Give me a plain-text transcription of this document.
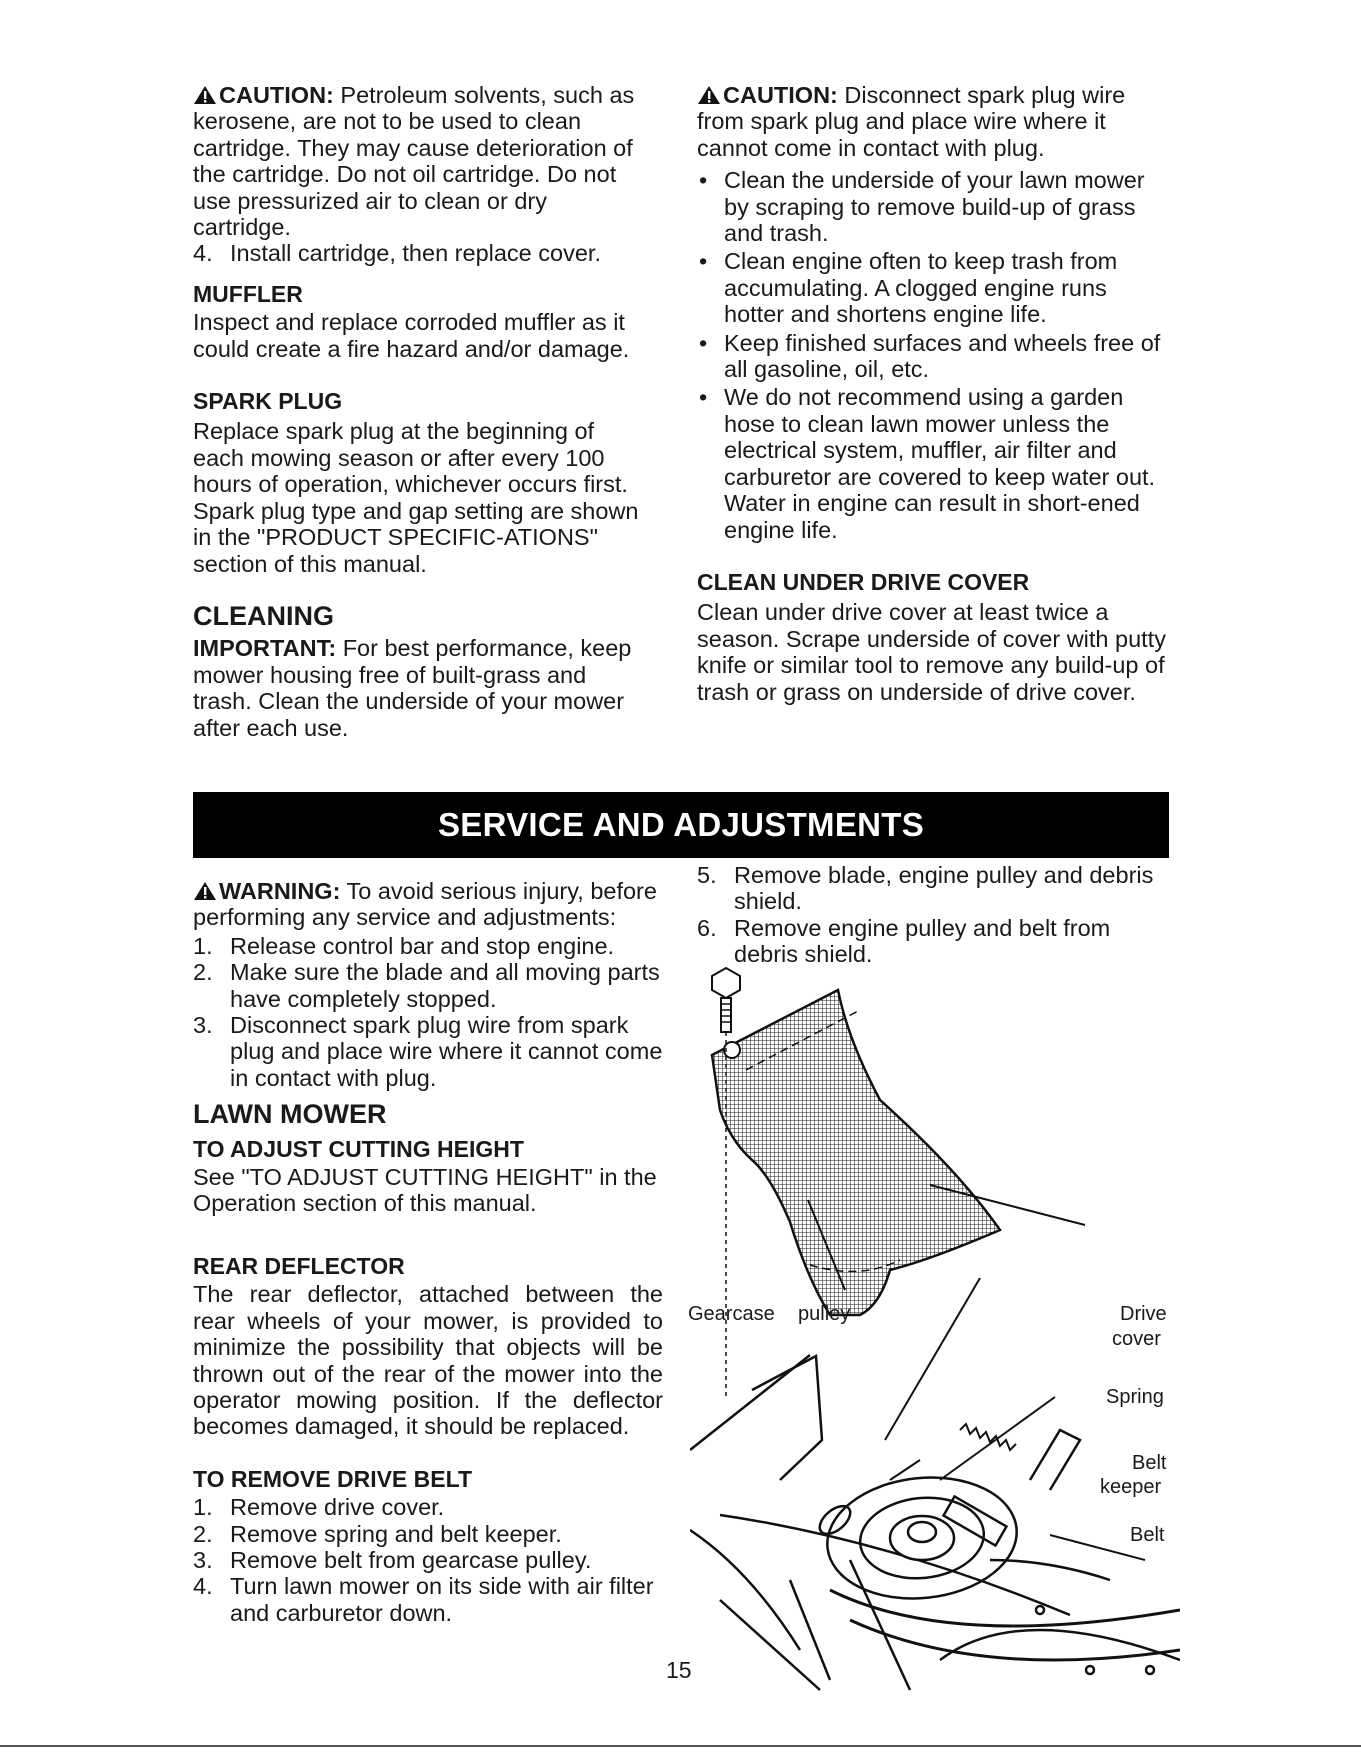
CAUTION: Petroleum solvents, such as kerosene, are not to be used to clean cartridge. They may cause deterioration of the cartridge. Do not oil cartridge. Do not use pressurized air to clean or dry cartridge.

4. Install cartridge, then replace cover.

MUFFLER

Inspect and replace corroded muffler as it could create a fire hazard and/or damage.

SPARK PLUG

Replace spark plug at the beginning of each mowing season or after every 100 hours of operation, whichever occurs first. Spark plug type and gap setting are shown in the "PRODUCT SPECIFIC-ATIONS" section of this manual.

CLEANING

IMPORTANT: For best performance, keep mower housing free of built-grass and trash. Clean the underside of your mower after each use.

CAUTION: Disconnect spark plug wire from spark plug and place wire where it cannot come in contact with plug.

• Clean the underside of your lawn mower by scraping to remove build-up of grass and trash.
• Clean engine often to keep trash from accumulating. A clogged engine runs hotter and shortens engine life.
• Keep finished surfaces and wheels free of all gasoline, oil, etc.
• We do not recommend using a garden hose to clean lawn mower unless the electrical system, muffler, air filter and carburetor are covered to keep water out. Water in engine can result in short-ened engine life.

CLEAN UNDER DRIVE COVER

Clean under drive cover at least twice a season. Scrape underside of cover with putty knife or similar tool to remove any build-up of trash or grass on underside of drive cover.

SERVICE AND ADJUSTMENTS

WARNING: To avoid serious injury, before performing any service and adjustments:

1. Release control bar and stop engine.
2. Make sure the blade and all moving parts have completely stopped.
3. Disconnect spark plug wire from spark plug and place wire where it cannot come in contact with plug.

LAWN MOWER

TO ADJUST CUTTING HEIGHT

See "TO ADJUST CUTTING HEIGHT" in the Operation section of this manual.

REAR DEFLECTOR

The rear deflector, attached between the rear wheels of your mower, is provided to minimize the possibility that objects will be thrown out of the rear of the mower into the operator mowing position. If the deflector becomes damaged, it should be replaced.

TO REMOVE DRIVE BELT

1. Remove drive cover.
2. Remove spring and belt keeper.
3. Remove belt from gearcase pulley.
4. Turn lawn mower on its side with air filter and carburetor down.
5. Remove blade, engine pulley and debris shield.
6. Remove engine pulley and belt from debris shield.
Gearcase pulley	Drive
cover
Spring
Belt
keeper
Belt
15
